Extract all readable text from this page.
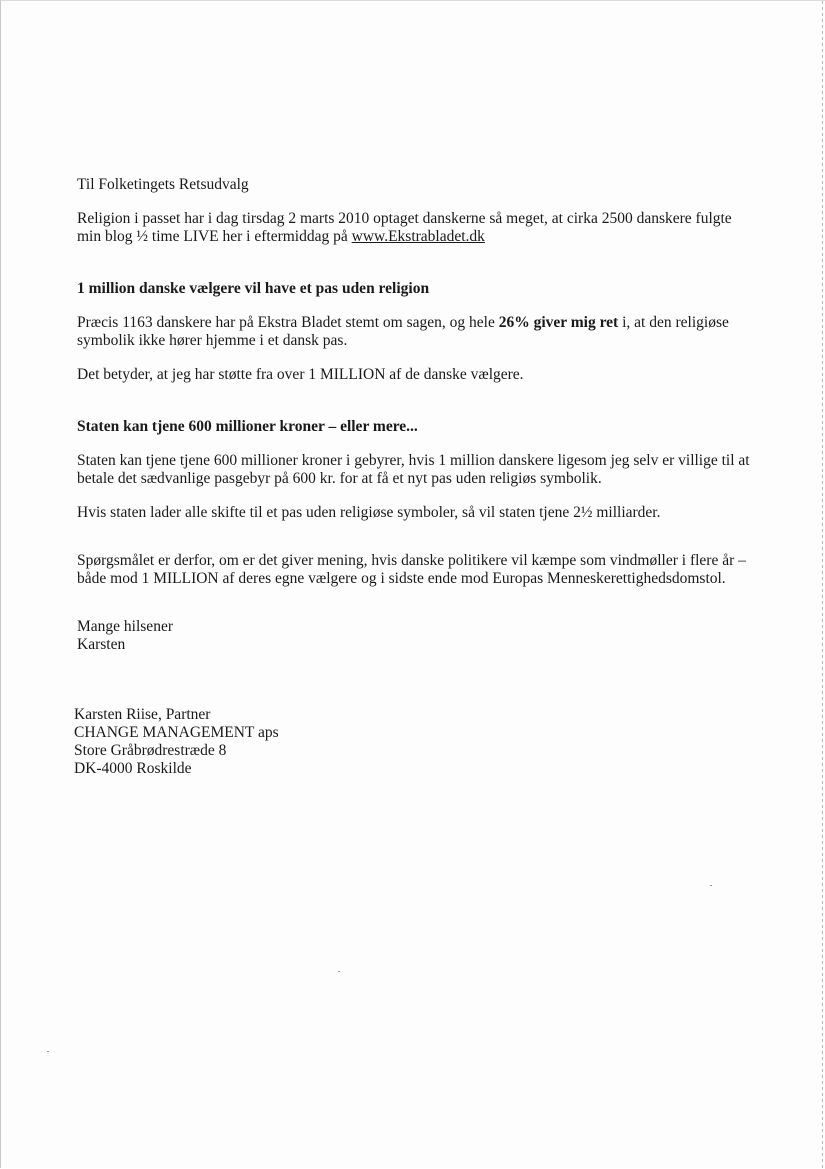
Til Folketingets Retsudvalg

Religion i passet har i dag tirsdag 2 marts 2010 optaget danskerne så meget, at cirka 2500 danskere fulgte

min blog ½ time LIVE her i eftermiddag på www.Ekstrabladet.dk

1 million danske vælgere vil have et pas uden religion

Præcis 1163 danskere har på Ekstra Bladet stemt om sagen, og hele 26% giver mig ret i, at den religiøse

symbolik ikke hører hjemme i et dansk pas.

Det betyder, at jeg har støtte fra over 1 MILLION af de danske vælgere.

Staten kan tjene 600 millioner kroner – eller mere...

Staten kan tjene tjene 600 millioner kroner i gebyrer, hvis 1 million danskere ligesom jeg selv er villige til at

betale det sædvanlige pasgebyr på 600 kr. for at få et nyt pas uden religiøs symbolik.

Hvis staten lader alle skifte til et pas uden religiøse symboler, så vil staten tjene 2½ milliarder.

Spørgsmålet er derfor, om er det giver mening, hvis danske politikere vil kæmpe som vindmøller i flere år –

både mod 1 MILLION af deres egne vælgere og i sidste ende mod Europas Menneskerettighedsdomstol.

Mange hilsener

Karsten

Karsten Riise, Partner

CHANGE MANAGEMENT aps

Store Gråbrødrestræde 8

DK-4000 Roskilde
